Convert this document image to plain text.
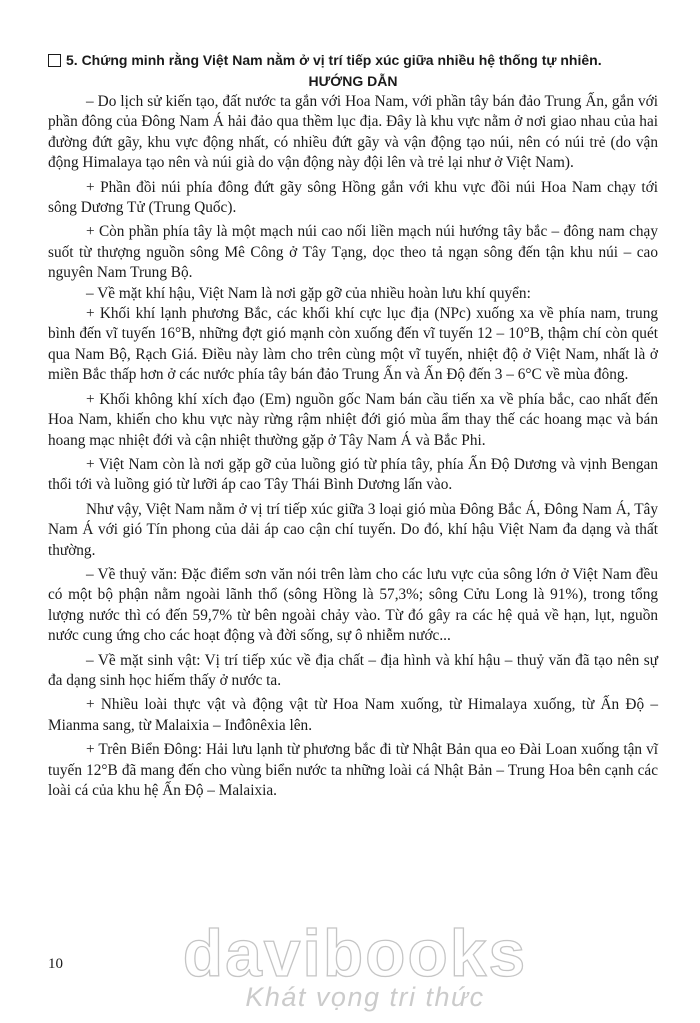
5. Chứng minh rằng Việt Nam nằm ở vị trí tiếp xúc giữa nhiều hệ thống tự nhiên.
HƯỚNG DẪN

– Do lịch sử kiến tạo, đất nước ta gắn với Hoa Nam, với phần tây bán đảo Trung Ấn, gắn với phần đông của Đông Nam Á hải đảo qua thềm lục địa. Đây là khu vực nằm ở nơi giao nhau của hai đường đứt gãy, khu vực động nhất, có nhiều đứt gãy và vận động tạo núi, nên có núi trẻ (do vận động Himalaya tạo nên và núi già do vận động này đội lên và trẻ lại như ở Việt Nam).

+ Phần đồi núi phía đông đứt gãy sông Hồng gắn với khu vực đồi núi Hoa Nam chạy tới sông Dương Tử (Trung Quốc).

+ Còn phần phía tây là một mạch núi cao nối liền mạch núi hướng tây bắc – đông nam chạy suốt từ thượng nguồn sông Mê Công ở Tây Tạng, dọc theo tả ngạn sông đến tận khu núi – cao nguyên Nam Trung Bộ.

– Về mặt khí hậu, Việt Nam là nơi gặp gỡ của nhiều hoàn lưu khí quyển:

+ Khối khí lạnh phương Bắc, các khối khí cực lục địa (NPc) xuống xa về phía nam, trung bình đến vĩ tuyến 16°B, những đợt gió mạnh còn xuống đến vĩ tuyến 12 – 10°B, thậm chí còn quét qua Nam Bộ, Rạch Giá. Điều này làm cho trên cùng một vĩ tuyến, nhiệt độ ở Việt Nam, nhất là ở miền Bắc thấp hơn ở các nước phía tây bán đảo Trung Ấn và Ấn Độ đến 3 – 6°C về mùa đông.

+ Khối không khí xích đạo (Em) nguồn gốc Nam bán cầu tiến xa về phía bắc, cao nhất đến Hoa Nam, khiến cho khu vực này rừng rậm nhiệt đới gió mùa ẩm thay thế các hoang mạc và bán hoang mạc nhiệt đới và cận nhiệt thường gặp ở Tây Nam Á và Bắc Phi.

+ Việt Nam còn là nơi gặp gỡ của luồng gió từ phía tây, phía Ấn Độ Dương và vịnh Bengan thổi tới và luồng gió từ lưỡi áp cao Tây Thái Bình Dương lấn vào.

Như vậy, Việt Nam nằm ở vị trí tiếp xúc giữa 3 loại gió mùa Đông Bắc Á, Đông Nam Á, Tây Nam Á với gió Tín phong của dải áp cao cận chí tuyến. Do đó, khí hậu Việt Nam đa dạng và thất thường.

– Về thuỷ văn: Đặc điểm sơn văn nói trên làm cho các lưu vực của sông lớn ở Việt Nam đều có một bộ phận nằm ngoài lãnh thổ (sông Hồng là 57,3%; sông Cửu Long là 91%), trong tổng lượng nước thì có đến 59,7% từ bên ngoài chảy vào. Từ đó gây ra các hệ quả về hạn, lụt, nguồn nước cung ứng cho các hoạt động và đời sống, sự ô nhiễm nước...

– Về mặt sinh vật: Vị trí tiếp xúc về địa chất – địa hình và khí hậu – thuỷ văn đã tạo nên sự đa dạng sinh học hiếm thấy ở nước ta.

+ Nhiều loài thực vật và động vật từ Hoa Nam xuống, từ Himalaya xuống, từ Ấn Độ – Mianma sang, từ Malaixia – Inđônêxia lên.

+ Trên Biển Đông: Hải lưu lạnh từ phương bắc đi từ Nhật Bản qua eo Đài Loan xuống tận vĩ tuyến 12°B đã mang đến cho vùng biển nước ta những loài cá Nhật Bản – Trung Hoa bên cạnh các loài cá của khu hệ Ấn Độ – Malaixia.

10	davibooks
Khát vọng tri thức
